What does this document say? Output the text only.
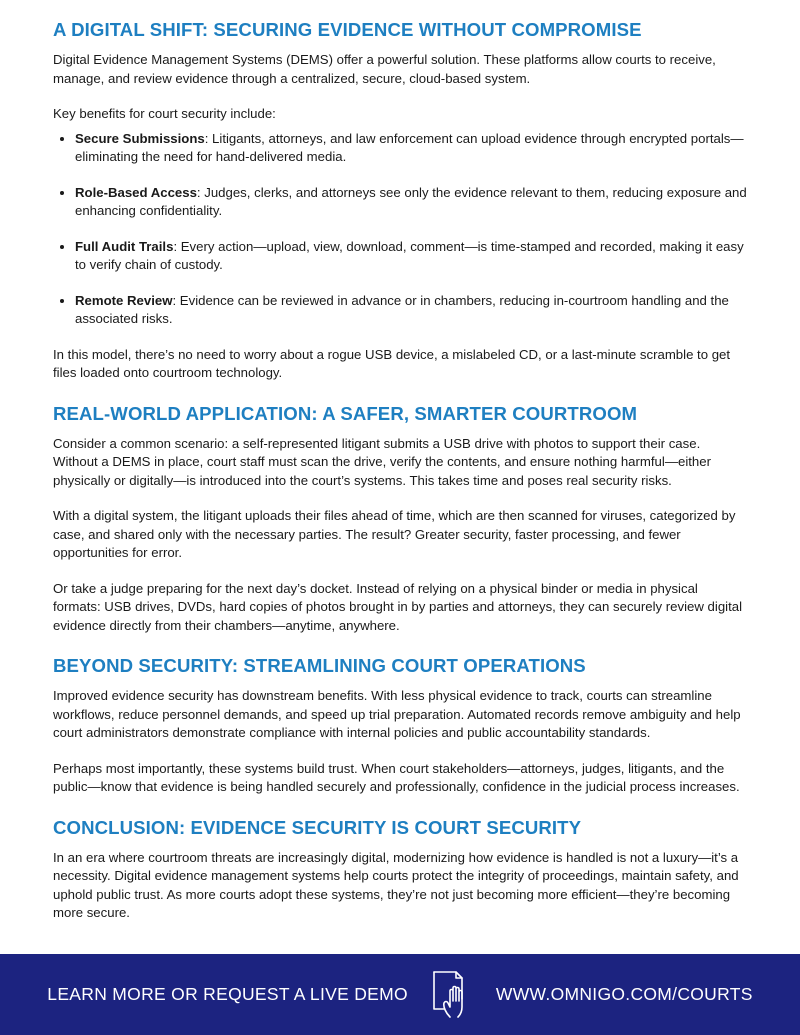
A DIGITAL SHIFT: SECURING EVIDENCE WITHOUT COMPROMISE

Digital Evidence Management Systems (DEMS) offer a powerful solution. These platforms allow courts to receive, manage, and review evidence through a centralized, secure, cloud-based system.

Key benefits for court security include:

• Secure Submissions: Litigants, attorneys, and law enforcement can upload evidence through encrypted portals—eliminating the need for hand-delivered media.
• Role-Based Access: Judges, clerks, and attorneys see only the evidence relevant to them, reducing exposure and enhancing confidentiality.
• Full Audit Trails: Every action—upload, view, download, comment—is time-stamped and recorded, making it easy to verify chain of custody.
• Remote Review: Evidence can be reviewed in advance or in chambers, reducing in-courtroom handling and the associated risks.

In this model, there’s no need to worry about a rogue USB device, a mislabeled CD, or a last-minute scramble to get files loaded onto courtroom technology.

REAL-WORLD APPLICATION: A SAFER, SMARTER COURTROOM

Consider a common scenario: a self-represented litigant submits a USB drive with photos to support their case. Without a DEMS in place, court staff must scan the drive, verify the contents, and ensure nothing harmful—either physically or digitally—is introduced into the court’s systems. This takes time and poses real security risks.

With a digital system, the litigant uploads their files ahead of time, which are then scanned for viruses, categorized by case, and shared only with the necessary parties. The result? Greater security, faster processing, and fewer opportunities for error.

Or take a judge preparing for the next day’s docket. Instead of relying on a physical binder or media in physical formats: USB drives, DVDs, hard copies of photos brought in by parties and attorneys, they can securely review digital evidence directly from their chambers—anytime, anywhere.

BEYOND SECURITY: STREAMLINING COURT OPERATIONS

Improved evidence security has downstream benefits. With less physical evidence to track, courts can streamline workflows, reduce personnel demands, and speed up trial preparation. Automated records remove ambiguity and help court administrators demonstrate compliance with internal policies and public accountability standards.

Perhaps most importantly, these systems build trust. When court stakeholders—attorneys, judges, litigants, and the public—know that evidence is being handled securely and professionally, confidence in the judicial process increases.

CONCLUSION: EVIDENCE SECURITY IS COURT SECURITY

In an era where courtroom threats are increasingly digital, modernizing how evidence is handled is not a luxury—it’s a necessity. Digital evidence management systems help courts protect the integrity of proceedings, maintain safety, and uphold public trust. As more courts adopt these systems, they’re not just becoming more efficient—they’re becoming more secure.

LEARN MORE OR REQUEST A LIVE DEMO	WWW.OMNIGO.COM/COURTS
